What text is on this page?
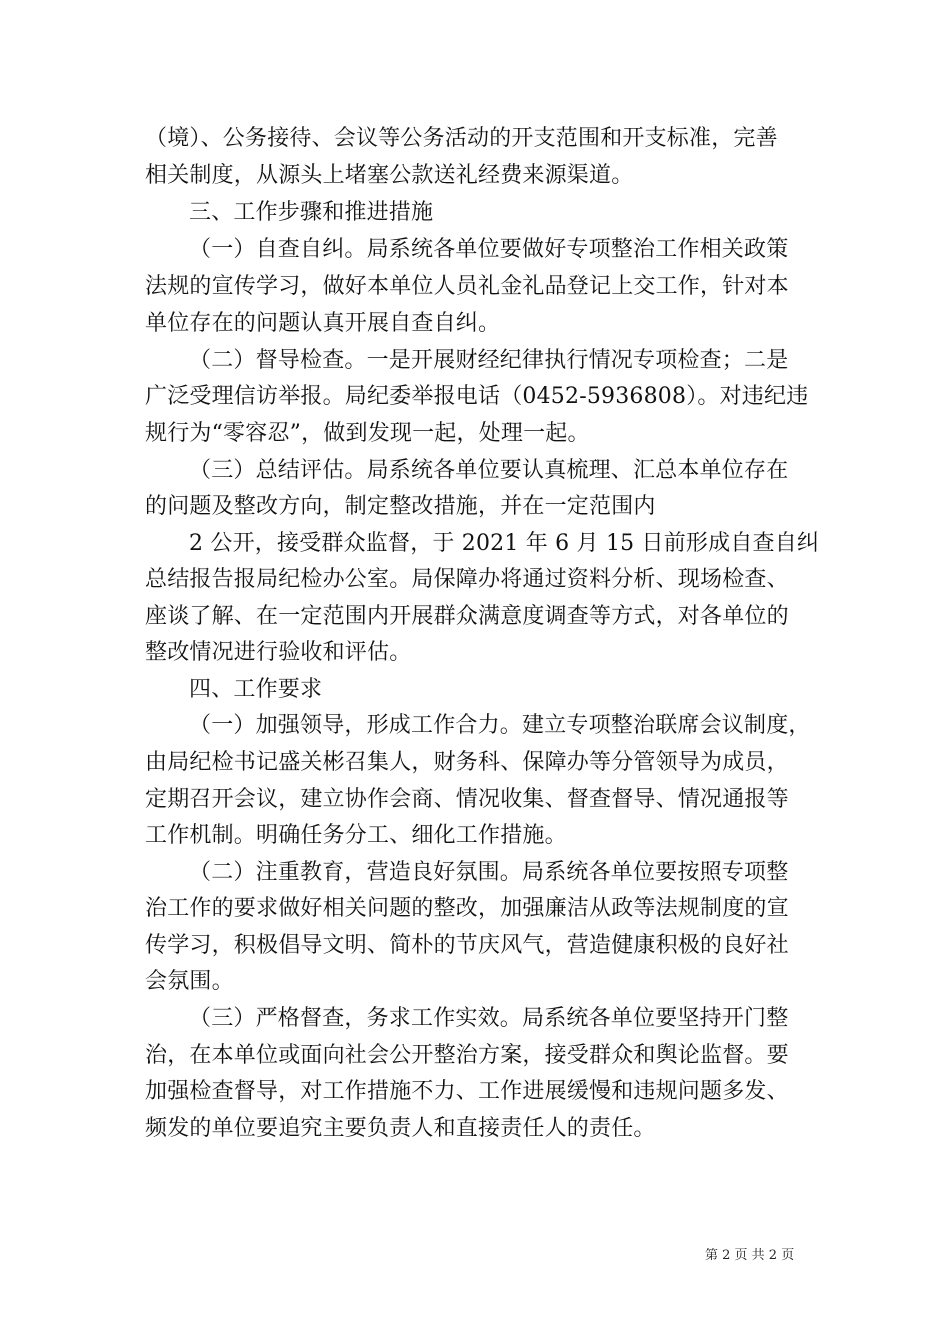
（境）、公务接待、会议等公务活动的开支范围和开支标准，完善
相关制度，从源头上堵塞公款送礼经费来源渠道。
三、工作步骤和推进措施
（一）自查自纠。局系统各单位要做好专项整治工作相关政策
法规的宣传学习，做好本单位人员礼金礼品登记上交工作，针对本
单位存在的问题认真开展自查自纠。
（二）督导检查。一是开展财经纪律执行情况专项检查；二是
广泛受理信访举报。局纪委举报电话（0452-5936808）。对违纪违
规行为“零容忍”，做到发现一起，处理一起。
（三）总结评估。局系统各单位要认真梳理、汇总本单位存在
的问题及整改方向，制定整改措施，并在一定范围内
2 公开，接受群众监督，于 2021 年 6 月 15 日前形成自查自纠
总结报告报局纪检办公室。局保障办将通过资料分析、现场检查、
座谈了解、在一定范围内开展群众满意度调查等方式，对各单位的
整改情况进行验收和评估。
四、工作要求
（一）加强领导，形成工作合力。建立专项整治联席会议制度，
由局纪检书记盛关彬召集人，财务科、保障办等分管领导为成员，
定期召开会议，建立协作会商、情况收集、督查督导、情况通报等
工作机制。明确任务分工、细化工作措施。
（二）注重教育，营造良好氛围。局系统各单位要按照专项整
治工作的要求做好相关问题的整改，加强廉洁从政等法规制度的宣
传学习，积极倡导文明、简朴的节庆风气，营造健康积极的良好社
会氛围。
（三）严格督查，务求工作实效。局系统各单位要坚持开门整
治，在本单位或面向社会公开整治方案，接受群众和舆论监督。要
加强检查督导，对工作措施不力、工作进展缓慢和违规问题多发、
频发的单位要追究主要负责人和直接责任人的责任。
第 2 页 共 2 页
